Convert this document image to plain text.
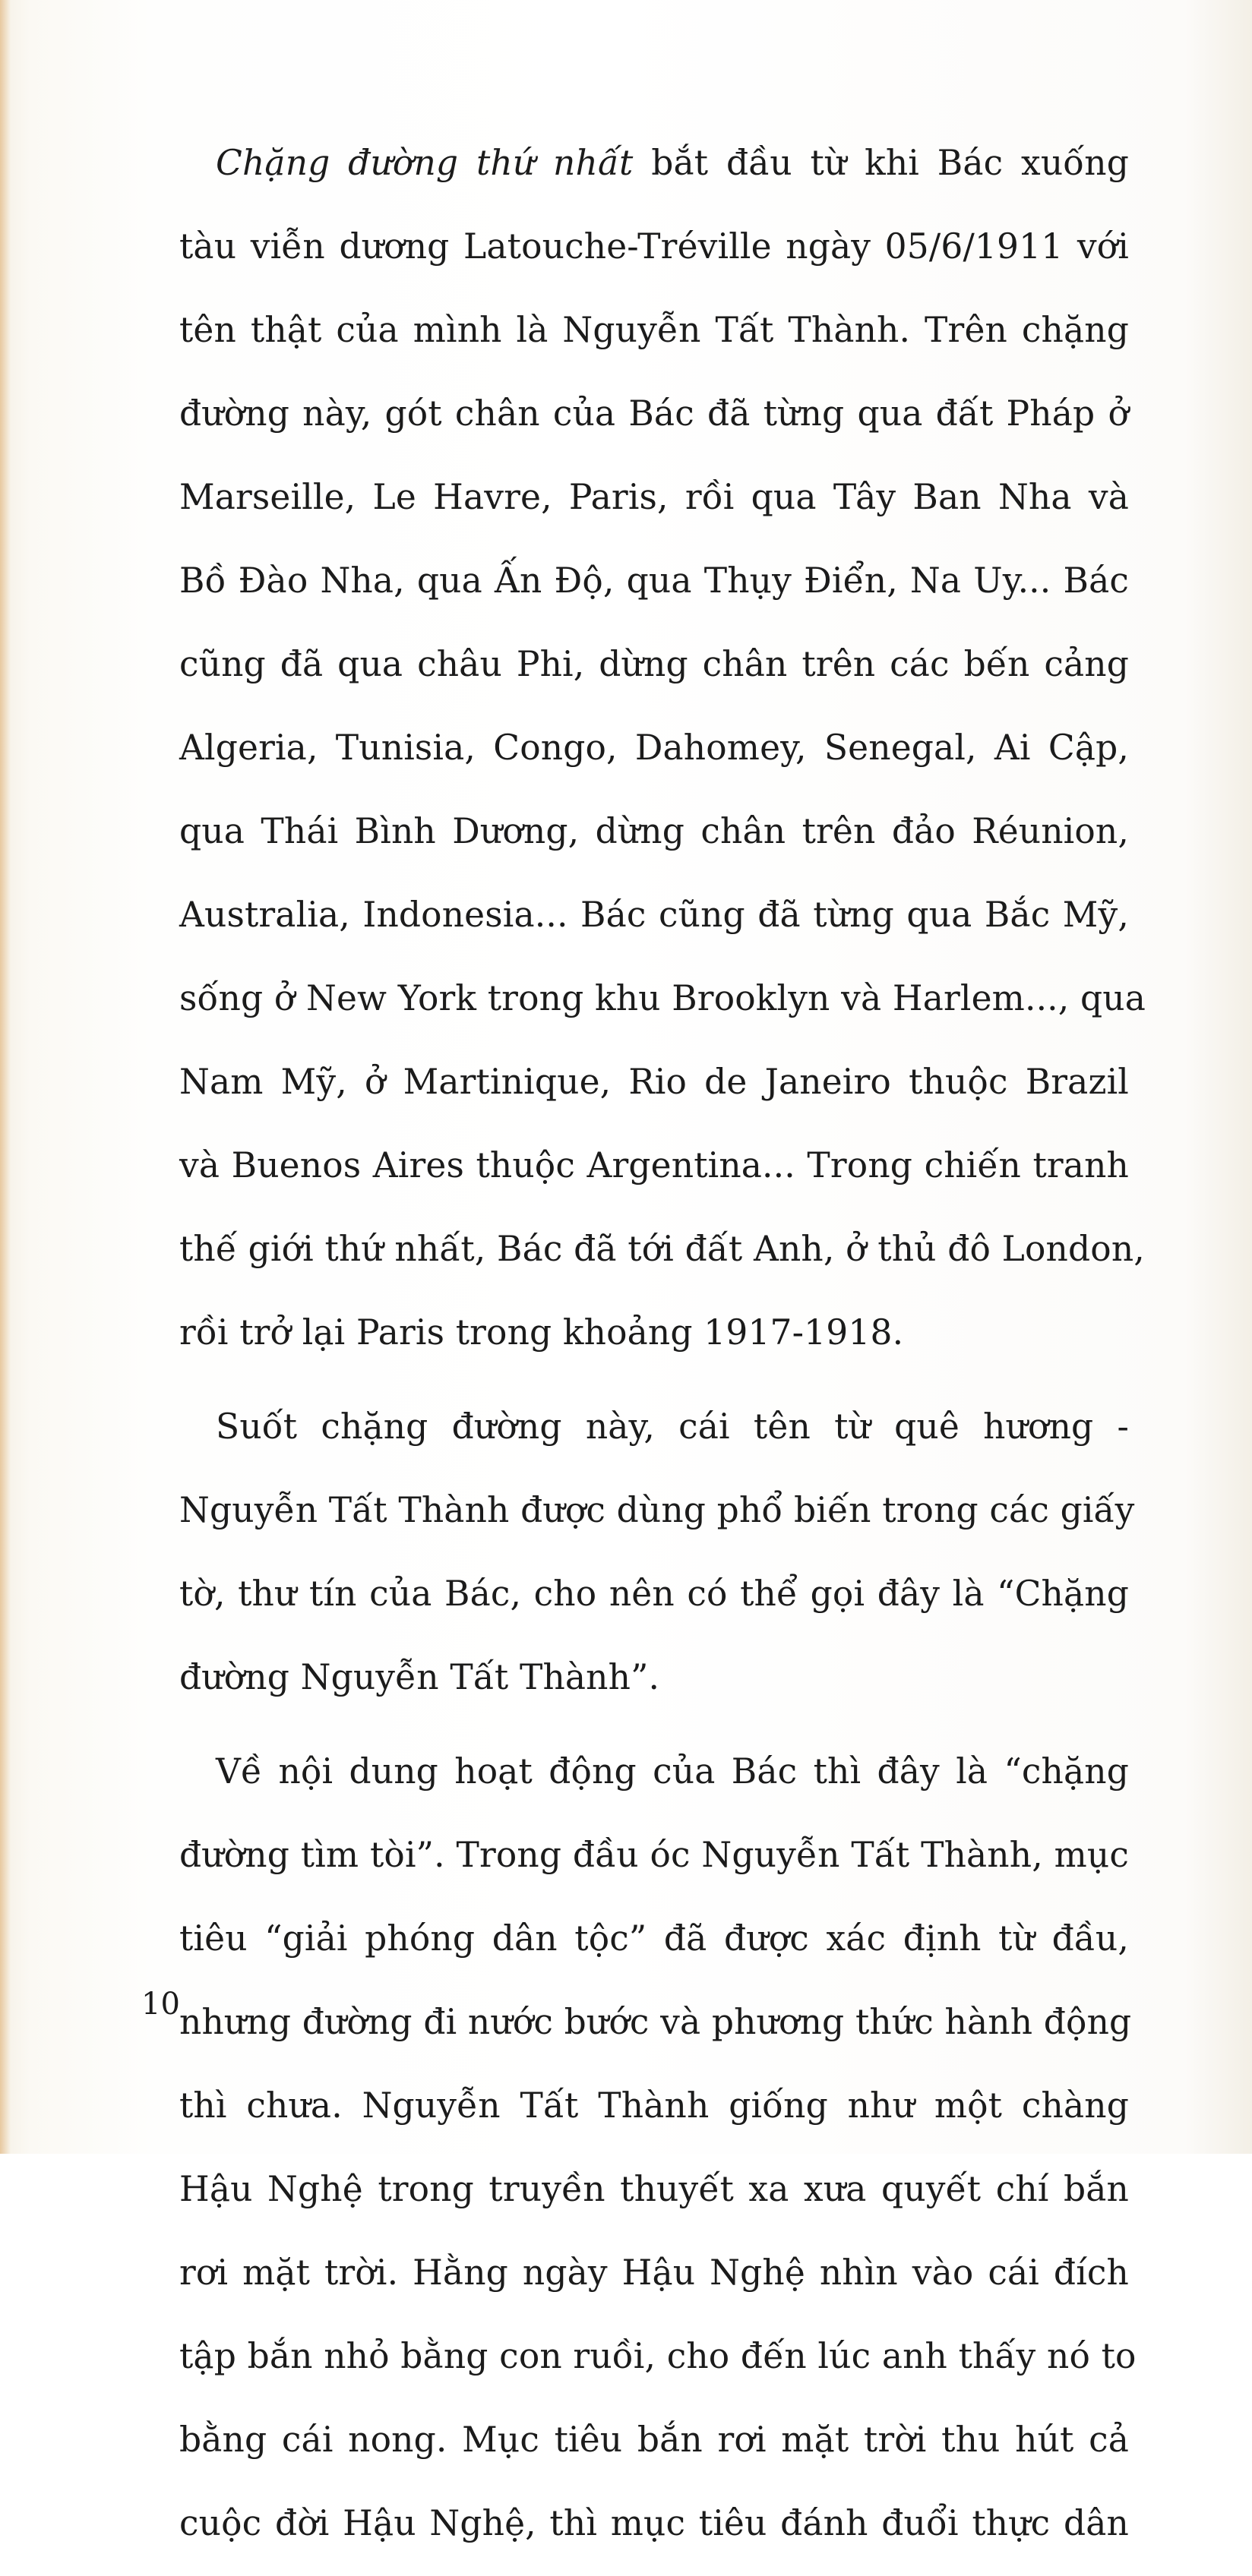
Chặng đường thứ nhất bắt đầu từ khi Bác xuống
tàu viễn dương Latouche-Tréville ngày 05/6/1911 với
tên thật của mình là Nguyễn Tất Thành. Trên chặng
đường này, gót chân của Bác đã từng qua đất Pháp ở
Marseille, Le Havre, Paris, rồi qua Tây Ban Nha và
Bồ Đào Nha, qua Ấn Độ, qua Thụy Điển, Na Uy... Bác
cũng đã qua châu Phi, dừng chân trên các bến cảng
Algeria, Tunisia, Congo, Dahomey, Senegal, Ai Cập,
qua Thái Bình Dương, dừng chân trên đảo Réunion,
Australia, Indonesia... Bác cũng đã từng qua Bắc Mỹ,
sống ở New York trong khu Brooklyn và Harlem..., qua
Nam Mỹ, ở Martinique, Rio de Janeiro thuộc Brazil
và Buenos Aires thuộc Argentina... Trong chiến tranh
thế giới thứ nhất, Bác đã tới đất Anh, ở thủ đô London,
rồi trở lại Paris trong khoảng 1917-1918.
Suốt chặng đường này, cái tên từ quê hương -
Nguyễn Tất Thành được dùng phổ biến trong các giấy
tờ, thư tín của Bác, cho nên có thể gọi đây là “Chặng
đường Nguyễn Tất Thành”.
Về nội dung hoạt động của Bác thì đây là “chặng
đường tìm tòi”. Trong đầu óc Nguyễn Tất Thành, mục
tiêu “giải phóng dân tộc” đã được xác định từ đầu,
nhưng đường đi nước bước và phương thức hành động
thì chưa. Nguyễn Tất Thành giống như một chàng
Hậu Nghệ trong truyền thuyết xa xưa quyết chí bắn
rơi mặt trời. Hằng ngày Hậu Nghệ nhìn vào cái đích
tập bắn nhỏ bằng con ruồi, cho đến lúc anh thấy nó to
bằng cái nong. Mục tiêu bắn rơi mặt trời thu hút cả
cuộc đời Hậu Nghệ, thì mục tiêu đánh đuổi thực dân
10
